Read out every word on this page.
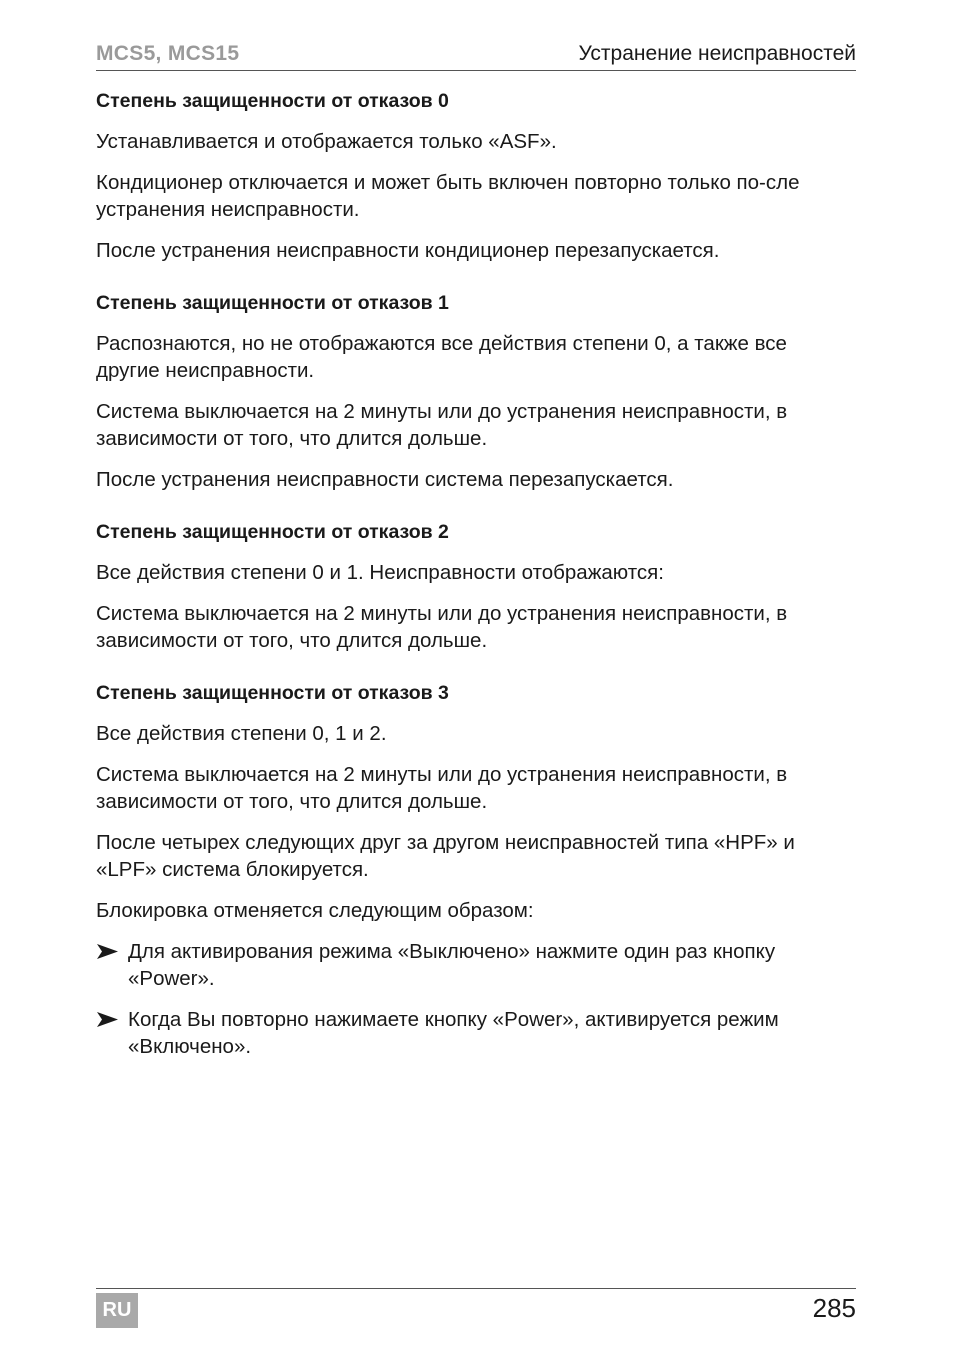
MCS5, MCS15	Устранение неисправностей
Степень защищенности от отказов 0

Устанавливается и отображается только «ASF».

Кондиционер отключается и может быть включен повторно только по-сле устранения неисправности.

После устранения неисправности кондиционер перезапускается.

Степень защищенности от отказов 1

Распознаются, но не отображаются все действия степени 0, а также все другие неисправности.

Система выключается на 2 минуты или до устранения неисправности, в зависимости от того, что длится дольше.

После устранения неисправности система перезапускается.

Степень защищенности от отказов 2

Все действия степени 0 и 1. Неисправности отображаются:

Система выключается на 2 минуты или до устранения неисправности, в зависимости от того, что длится дольше.

Степень защищенности от отказов 3

Все действия степени 0, 1 и 2.

Система выключается на 2 минуты или до устранения неисправности, в зависимости от того, что длится дольше.

После четырех следующих друг за другом неисправностей типа «HPF» и «LPF» система блокируется.

Блокировка отменяется следующим образом:

Для активирования режима «Выключено» нажмите один раз кнопку «Power».
Когда Вы повторно нажимаете кнопку «Power», активируется режим «Включено».
RU	285
